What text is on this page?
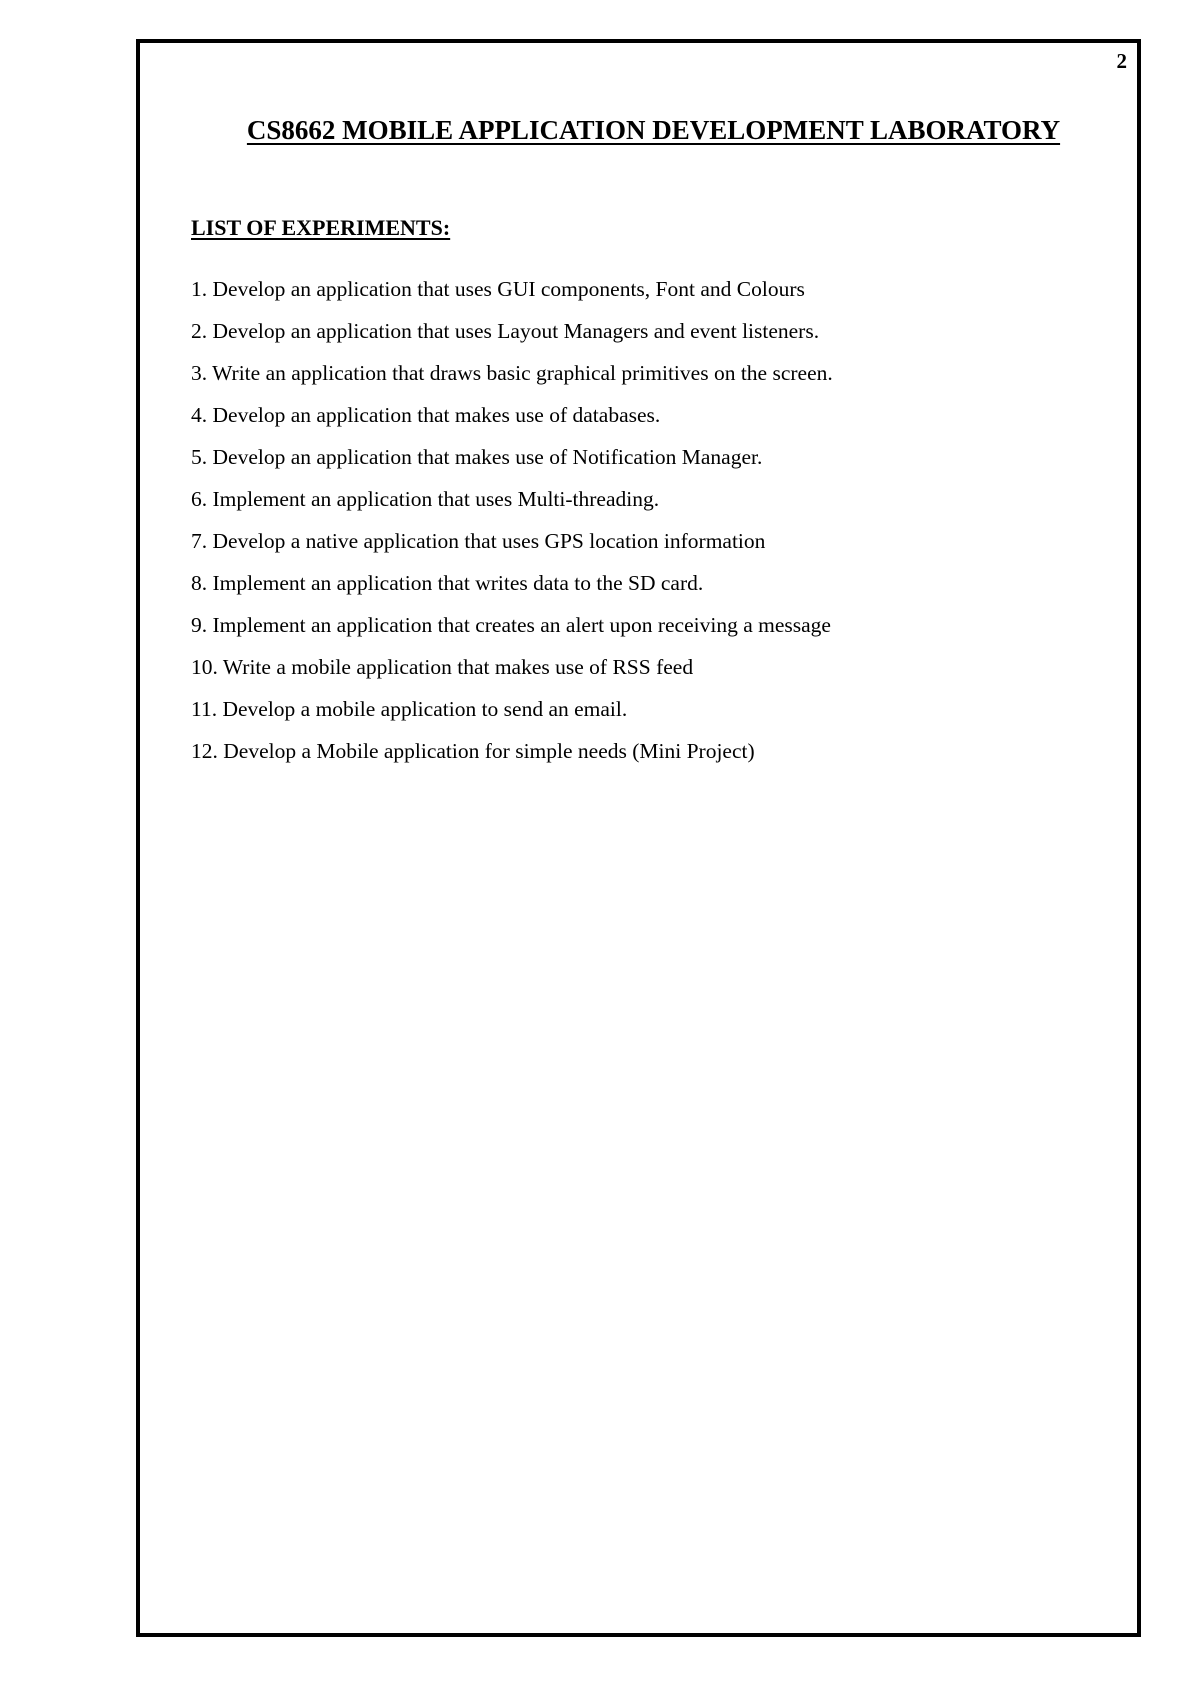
2
CS8662 MOBILE APPLICATION DEVELOPMENT LABORATORY
LIST OF EXPERIMENTS:
1. Develop an application that uses GUI components, Font and Colours
2. Develop an application that uses Layout Managers and event listeners.
3. Write an application that draws basic graphical primitives on the screen.
4. Develop an application that makes use of databases.
5. Develop an application that makes use of Notification Manager.
6. Implement an application that uses Multi-threading.
7. Develop a native application that uses GPS location information
8. Implement an application that writes data to the SD card.
9. Implement an application that creates an alert upon receiving a message
10. Write a mobile application that makes use of RSS feed
11. Develop a mobile application to send an email.
12. Develop a Mobile application for simple needs (Mini Project)
